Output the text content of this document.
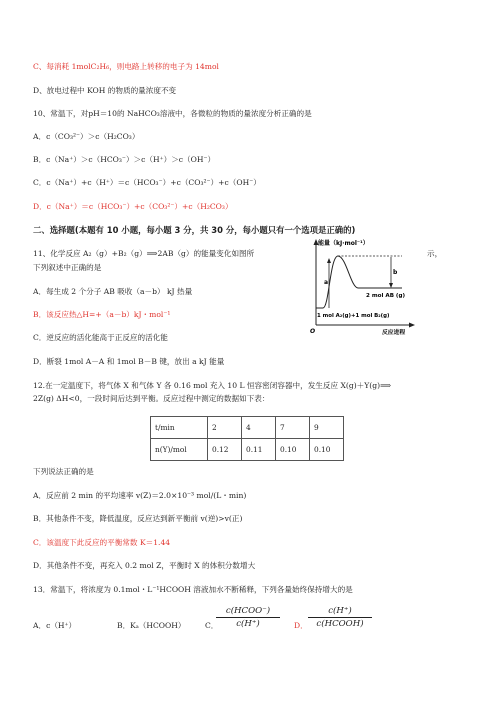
C、每消耗 1molC₂H₆，则电路上转移的电子为 14mol
D、放电过程中 KOH 的物质的量浓度不变
10、常温下，对pH＝10的 NaHCO₃溶液中，各微粒的物质的量浓度分析正确的是
A．c（CO₃²⁻）＞c（H₂CO₃）
B．c（Na⁺）＞c（HCO₃⁻）＞c（H⁺）＞c（OH⁻）
C．c（Na⁺）+c（H⁺）＝c（HCO₃⁻）+c（CO₃²⁻）+c（OH⁻）
D．c（Na⁺）＝c（HCO₃⁻）+c（CO₃²⁻）+c（H₂CO₃）
二、选择题(本题有 10 小题，每小题 3 分，共 30 分，每小题只有一个选项是正确的)
11、化学反应 A₂（g）+B₂（g）⟹2AB（g）的能量变化如图所	示，
下列叙述中正确的是
A．每生成 2 个分子 AB 吸收（a－b） kJ 热量
B．该反应热△H=+（a－b）kJ・mol⁻¹
C．逆反应的活化能高于正反应的活化能
D．断裂 1mol A－A 和 1mol B－B 键，放出 a kJ 能量
能量（kJ·mol⁻¹）
a
b
2 mol AB (g)
1 mol A₂(g)+1 mol B₂(g)
O	反应进程
12.在一定温度下，将气体 X 和气体 Y 各 0.16 mol 充入 10 L 恒容密闭容器中，发生反应 X(g)＋Y(g)⟹
2Z(g) ΔH<0，一段时间后达到平衡。反应过程中测定的数据如下表：
t/min	2	4	7	9
n(Y)/mol	0.12	0.11	0.10	0.10
下列说法正确的是
A．反应前 2 min 的平均速率 v(Z)＝2.0×10⁻³ mol/(L・min)
B．其他条件不变，降低温度，反应达到新平衡前 v(逆)>v(正)
C．该温度下此反应的平衡常数 K＝1.44
D．其他条件不变，再充入 0.2 mol Z，平衡时 X 的体积分数增大
13．常温下，将浓度为 0.1mol・L⁻¹HCOOH 溶液加水不断稀释，下列各量始终保持增大的是
A．c（H⁺）	B．Kₐ（HCOOH）	C．
c(HCOO⁻)
c(H⁺)	D．
c(H⁺)
c(HCOOH)
